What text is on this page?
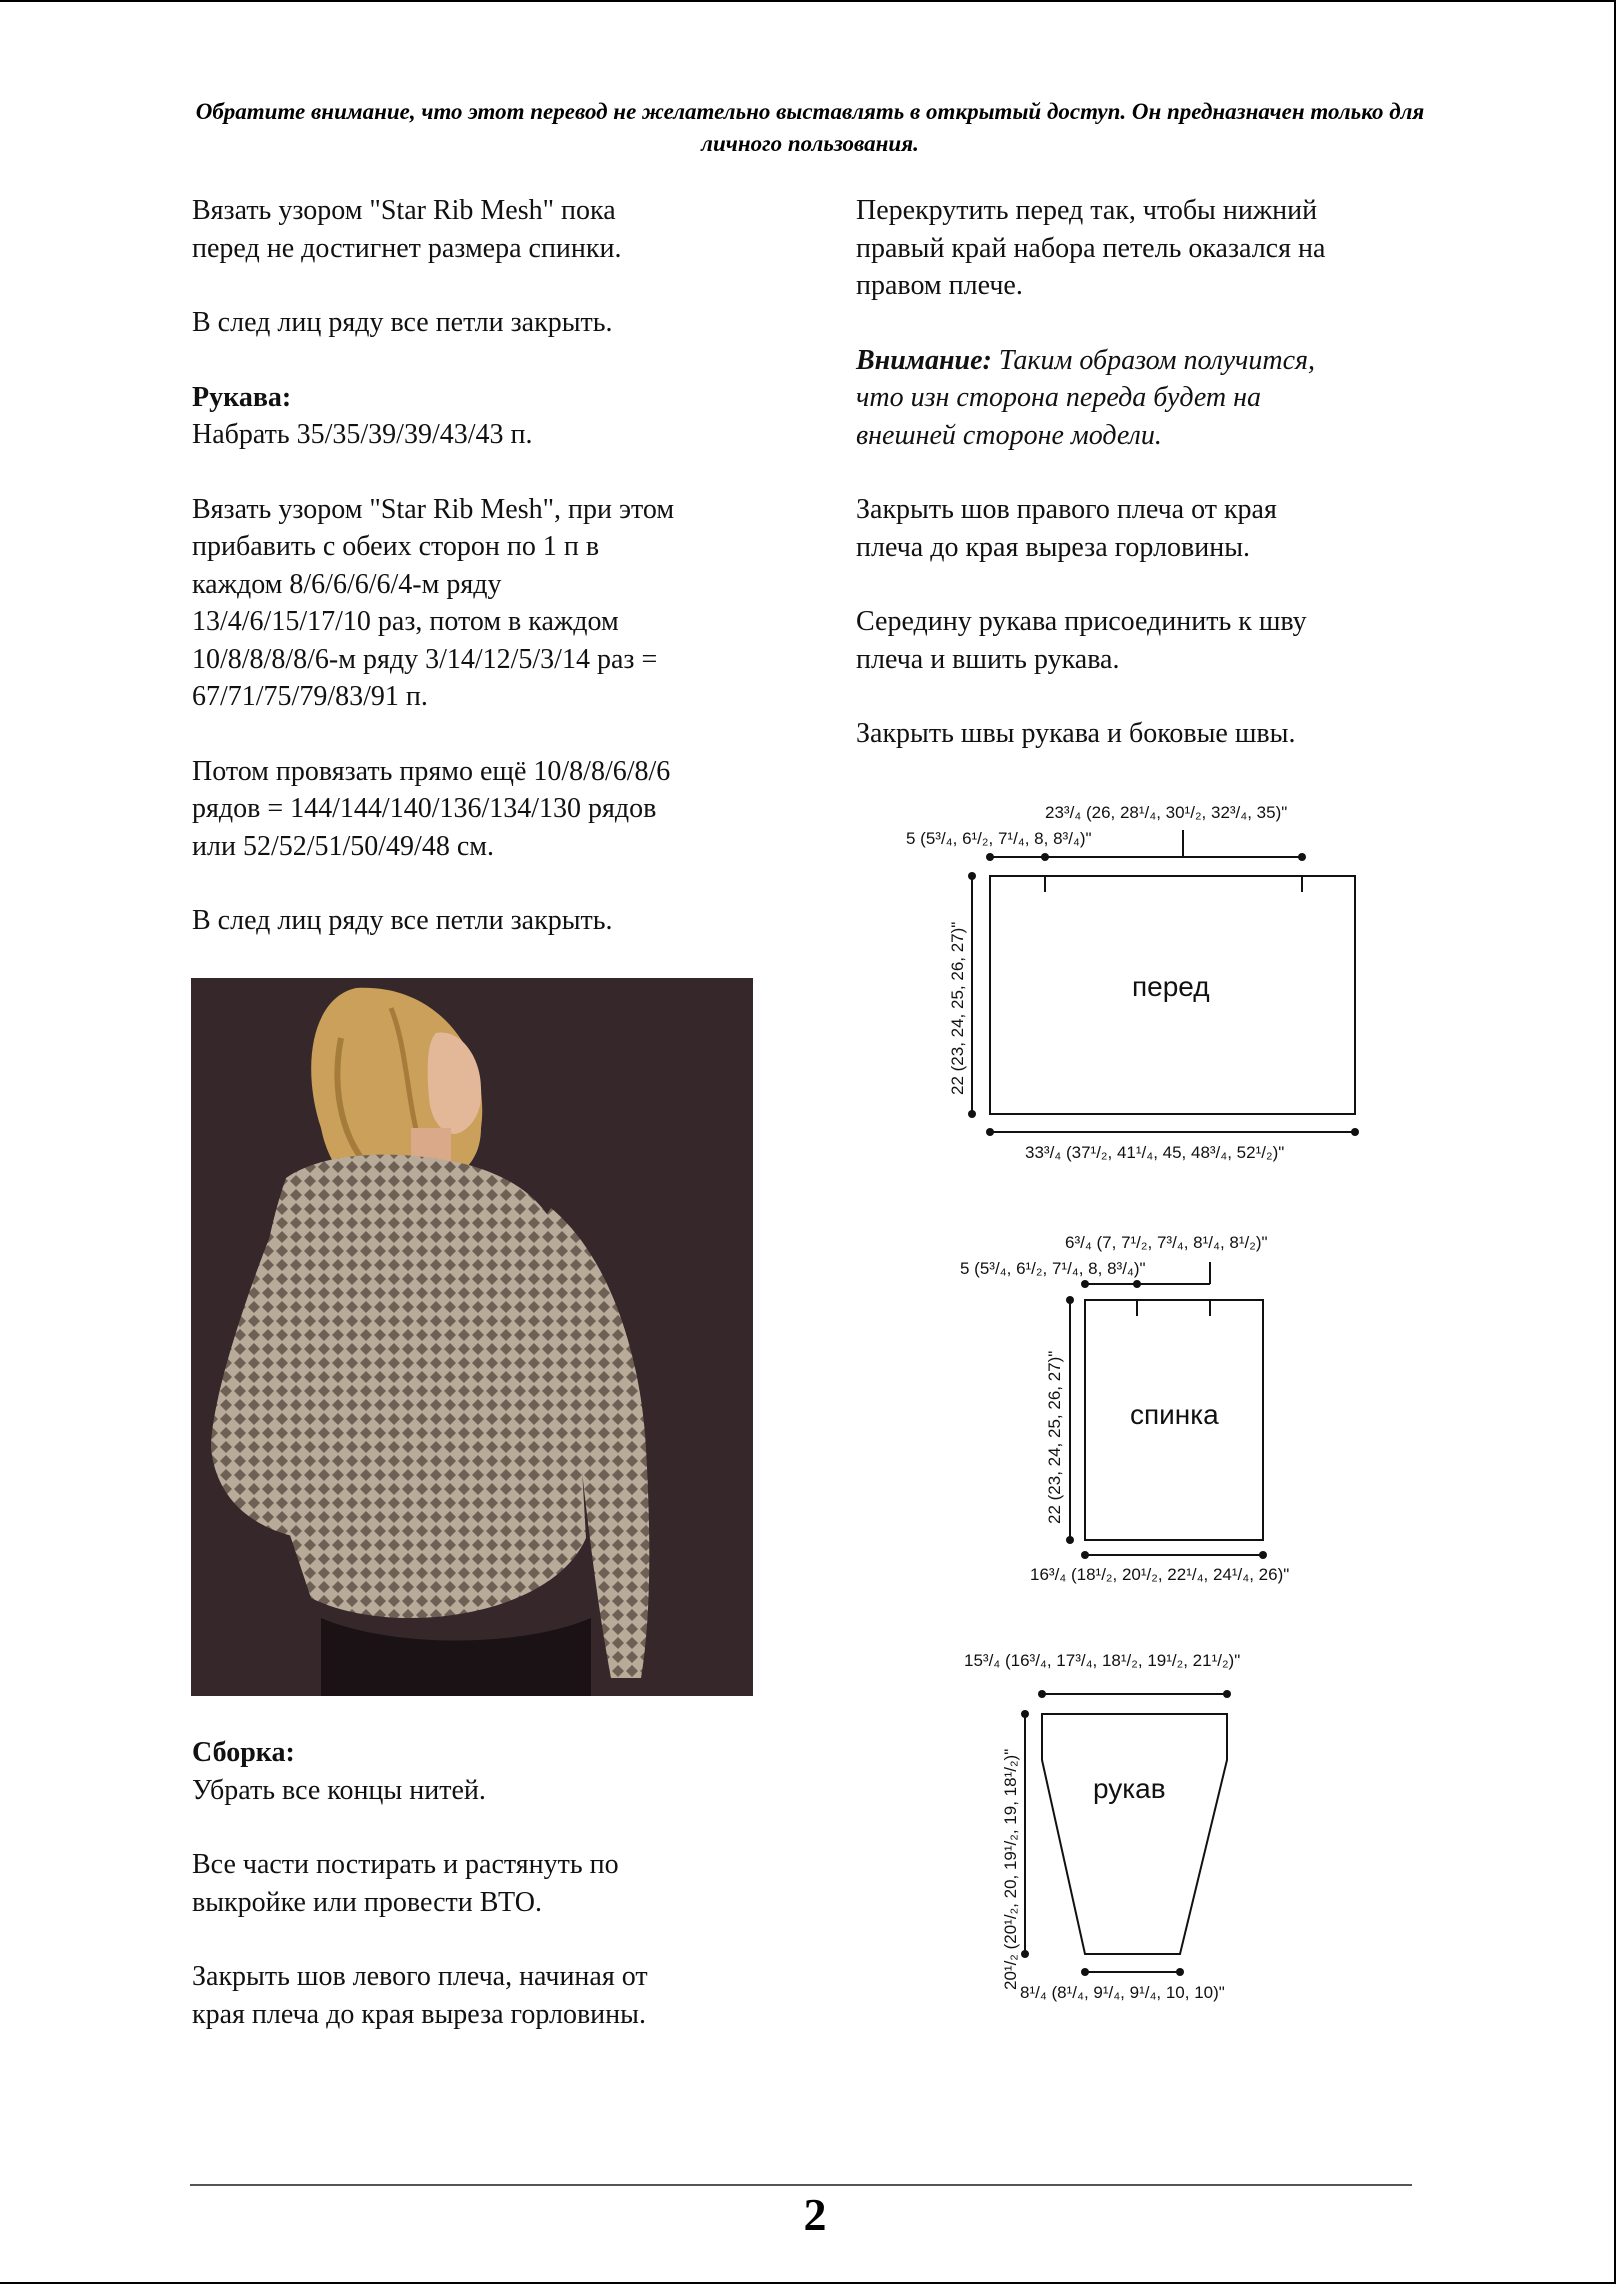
Обратите внимание, что этот перевод не желательно выставлять в открытый доступ. Он предназначен только для личного пользования.

Вязать узором "Star Rib Mesh" пока
перед не достигнет размера спинки.

В след лиц ряду все петли закрыть.

Рукава:

Набрать 35/35/39/39/43/43 п.

Вязать узором "Star Rib Mesh", при этом
прибавить с обеих сторон по 1 п в
каждом 8/6/6/6/6/4-м ряду
13/4/6/15/17/10 раз, потом в каждом
10/8/8/8/8/6-м ряду 3/14/12/5/3/14 раз =
67/71/75/79/83/91 п.

Потом провязать прямо ещё 10/8/8/6/8/6
рядов = 144/144/140/136/134/130 рядов
или 52/52/51/50/49/48 см.

В след лиц ряду все петли закрыть.

Сборка:

Убрать все концы нитей.

Все части постирать и растянуть по
выкройке или провести ВТО.

Закрыть шов левого плеча, начиная от
края плеча до края выреза горловины.

Перекрутить перед так, чтобы нижний
правый край набора петель оказался на
правом плече.

Внимание: Таким образом получится,
что изн сторона переда будет на
внешней стороне модели.

Закрыть шов правого плеча от края
плеча до края выреза горловины.

Середину рукава присоединить к шву
плеча и вшить рукава.

Закрыть швы рукава и боковые швы.

23³/₄ (26, 28¹/₄, 30¹/₂, 32³/₄, 35)"
5 (5³/₄, 6¹/₂, 7¹/₄, 8, 8³/₄)"
перед
22 (23, 24, 25, 26, 27)"
33³/₄ (37¹/₂, 41¹/₄, 45, 48³/₄, 52¹/₂)"
6³/₄ (7, 7¹/₂, 7³/₄, 8¹/₄, 8¹/₂)"
5 (5³/₄, 6¹/₂, 7¹/₄, 8, 8³/₄)"
спинка
22 (23, 24, 25, 26, 27)"
16³/₄ (18¹/₂, 20¹/₂, 22¹/₄, 24¹/₄, 26)"
15³/₄ (16³/₄, 17³/₄, 18¹/₂, 19¹/₂, 21¹/₂)"
рукав
20¹/₂ (20¹/₂, 20, 19¹/₂, 19, 18¹/₂)"
8¹/₄ (8¹/₄, 9¹/₄, 9¹/₄, 10, 10)"
2
